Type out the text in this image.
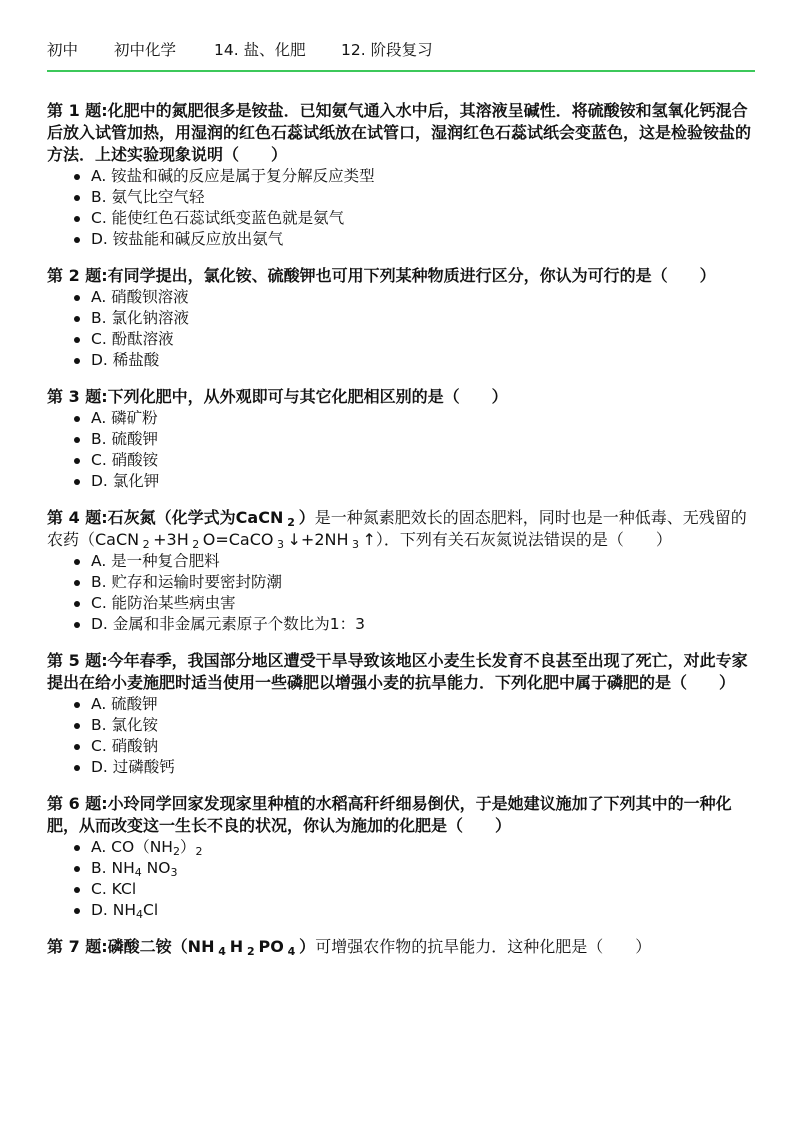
初中 初中化学 14. 盐、化肥 12. 阶段复习

第 1 题:化肥中的氮肥很多是铵盐．已知氨气通入水中后，其溶液呈碱性．将硫酸铵和氢氧化钙混合后放入试管加热，用湿润的红色石蕊试纸放在试管口，湿润红色石蕊试纸会变蓝色，这是检验铵盐的方法．上述实验现象说明（　　）

A. 铵盐和碱的反应是属于复分解反应类型
B. 氨气比空气轻
C. 能使红色石蕊试纸变蓝色就是氨气
D. 铵盐能和碱反应放出氨气

第 2 题:有同学提出，氯化铵、硫酸钾也可用下列某种物质进行区分，你认为可行的是（　　）

A. 硝酸钡溶液
B. 氯化钠溶液
C. 酚酞溶液
D. 稀盐酸

第 3 题:下列化肥中，从外观即可与其它化肥相区别的是（　　）

A. 磷矿粉
B. 硫酸钾
C. 硝酸铵
D. 氯化钾

第 4 题:石灰氮（化学式为CaCN $_2$ ）是一种氮素肥效长的固态肥料，同时也是一种低毒、无残留的农药（CaCN $_2$ +3H $_2$ O=CaCO $_3$ ↓+2NH $_3$ ↑）．下列有关石灰氮说法错误的是（　　）

A. 是一种复合肥料
B. 贮存和运输时要密封防潮
C. 能防治某些病虫害
D. 金属和非金属元素原子个数比为1：3

第 5 题:今年春季，我国部分地区遭受干旱导致该地区小麦生长发育不良甚至出现了死亡，对此专家提出在给小麦施肥时适当使用一些磷肥以增强小麦的抗旱能力．下列化肥中属于磷肥的是（　　）

A. 硫酸钾
B. 氯化铵
C. 硝酸钠
D. 过磷酸钙

第 6 题:小玲同学回家发现家里种植的水稻高秆纤细易倒伏，于是她建议施加了下列其中的一种化肥，从而改变这一生长不良的状况，你认为施加的化肥是（　　）

A. $CO(NH_2)_2$
B. $NH_4$ $NO_3$
C. KCl
D. $NH_4Cl$

第 7 题:磷酸二铵（NH $_4$ H $_2$ PO $_4$ ）可增强农作物的抗旱能力．这种化肥是（　　）
